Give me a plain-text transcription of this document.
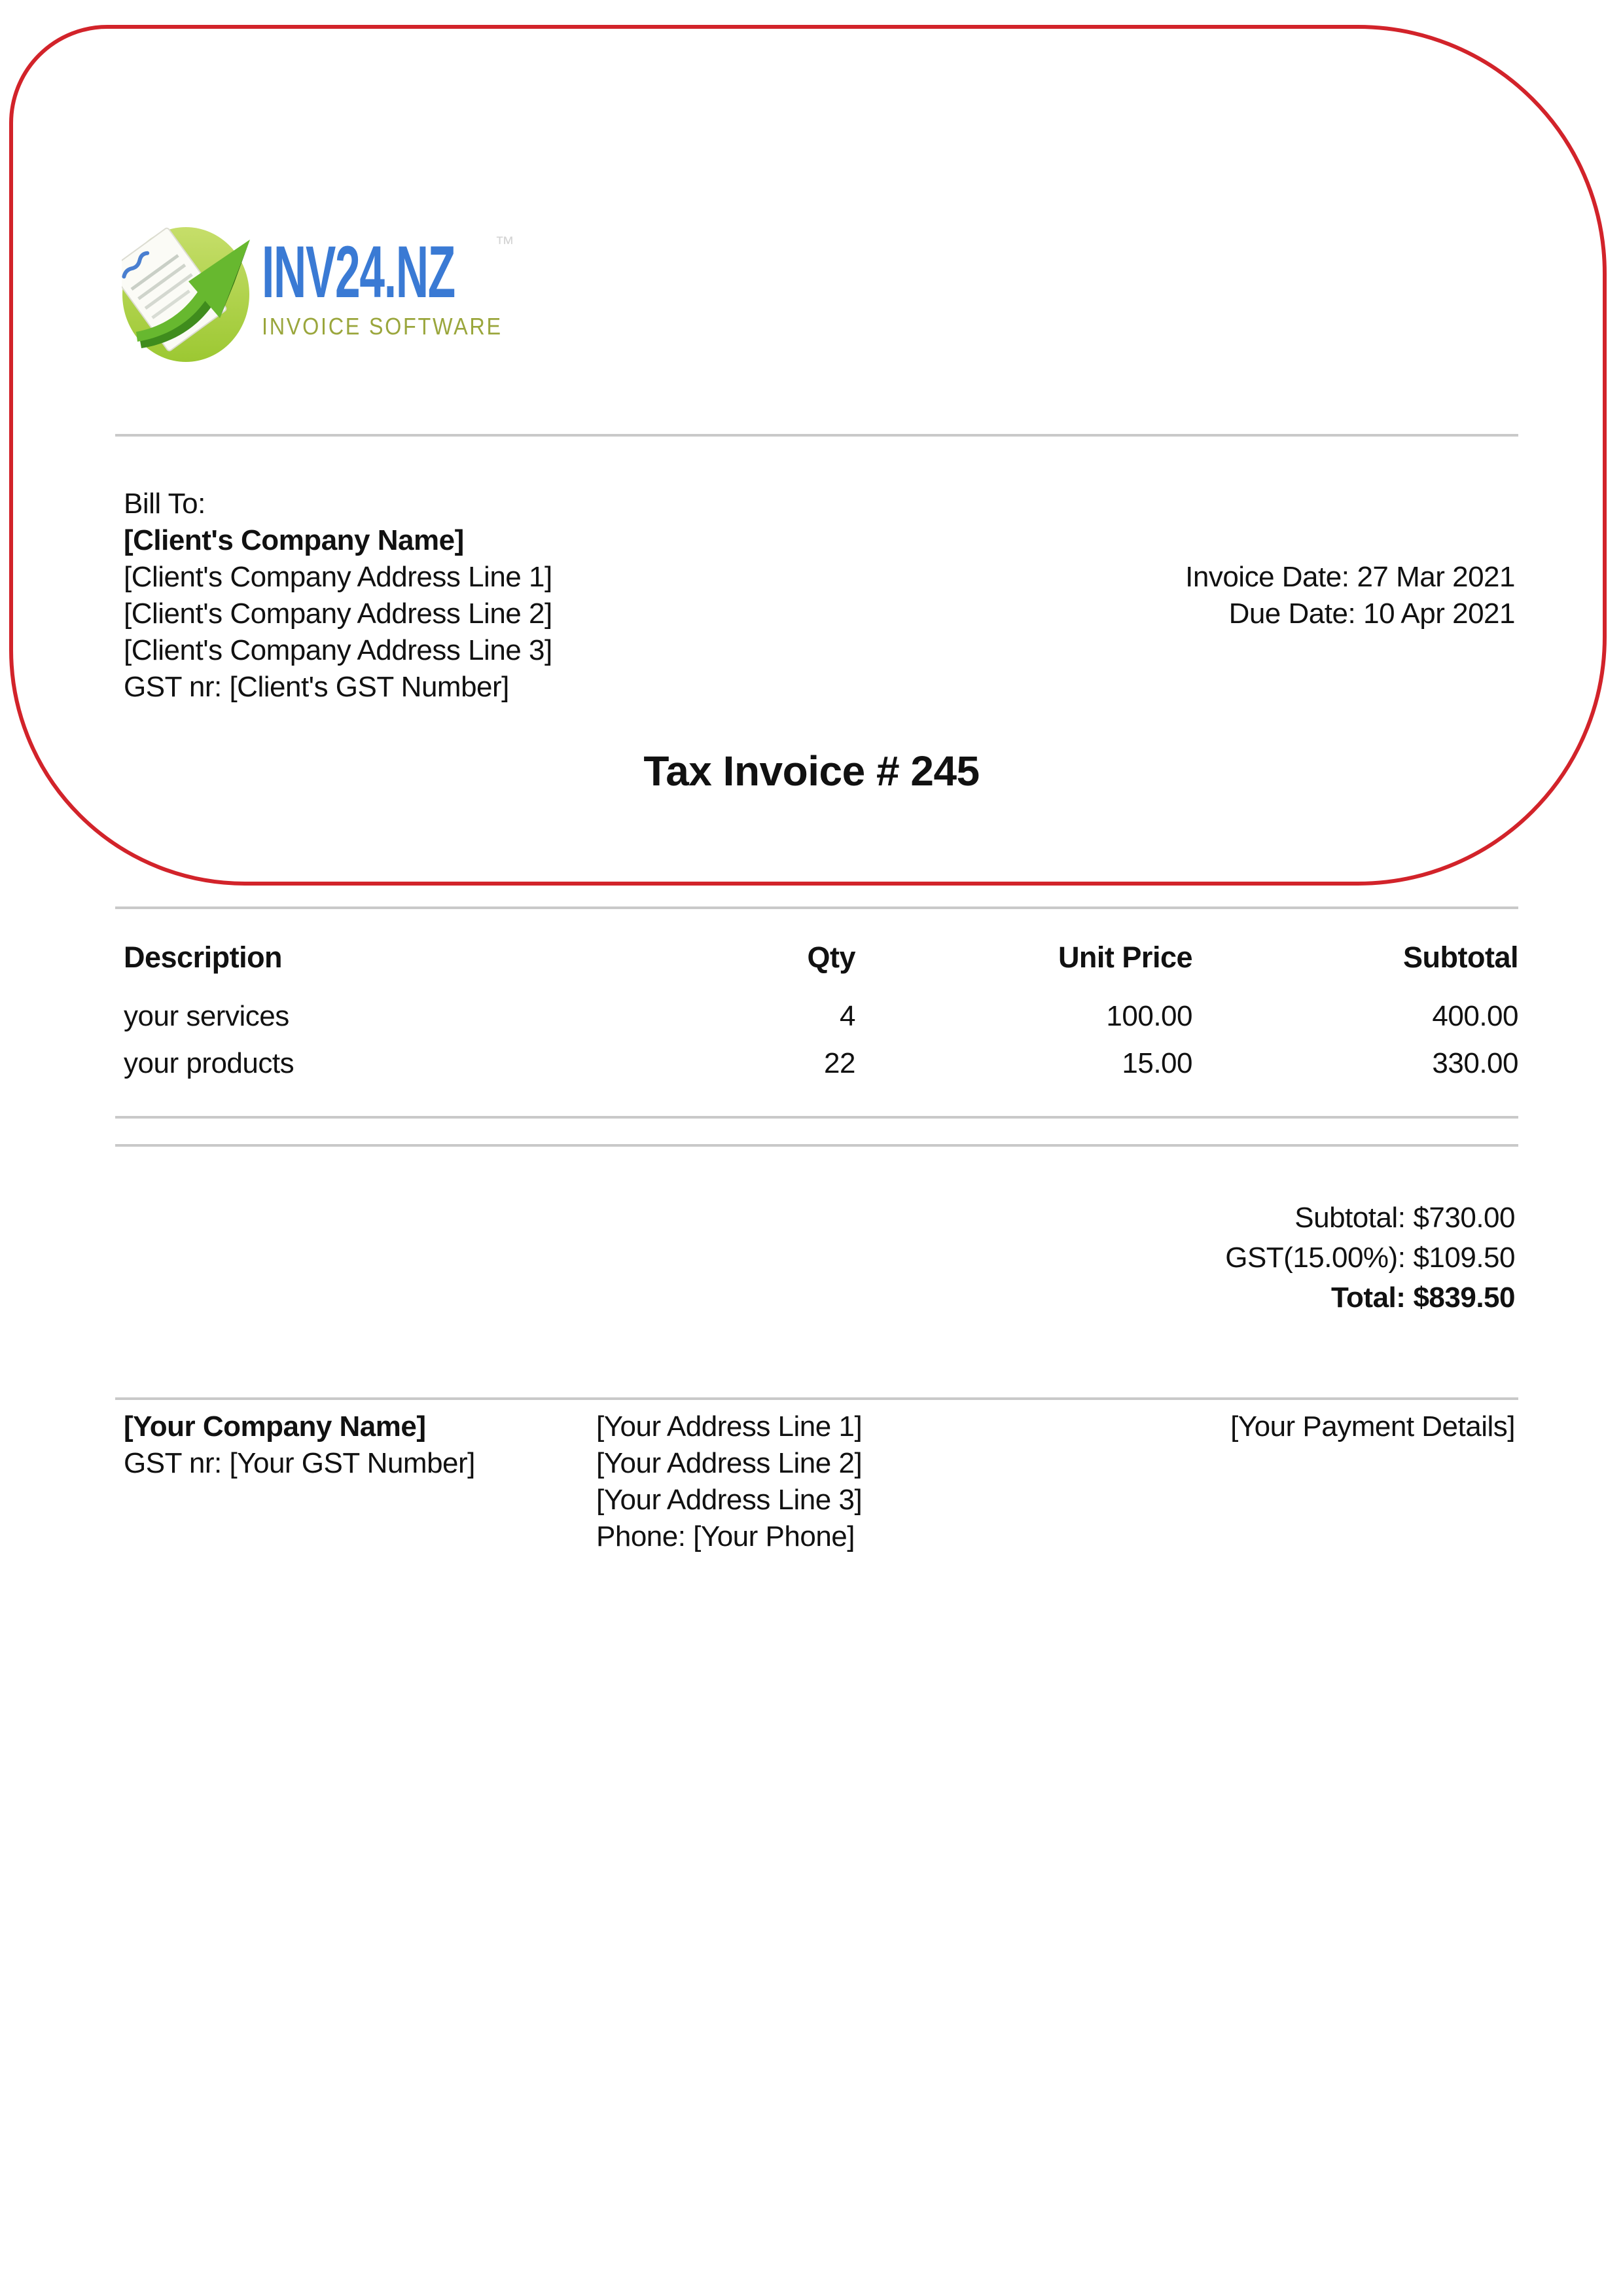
INV24.NZ
INVOICE SOFTWARE
™
Bill To:
[Client's Company Name]
[Client's Company Address Line 1]
[Client's Company Address Line 2]
[Client's Company Address Line 3]
GST nr: [Client's GST Number]
Invoice Date: 27 Mar 2021
Due Date: 10 Apr 2021
Tax Invoice # 245
Description	Qty	Unit Price	Subtotal
your services	4	100.00	400.00
your products	22	15.00	330.00
Subtotal: $730.00
GST(15.00%): $109.50
Total: $839.50
[Your Company Name]
GST nr: [Your GST Number]
[Your Address Line 1]
[Your Address Line 2]
[Your Address Line 3]
Phone: [Your Phone]
[Your Payment Details]
